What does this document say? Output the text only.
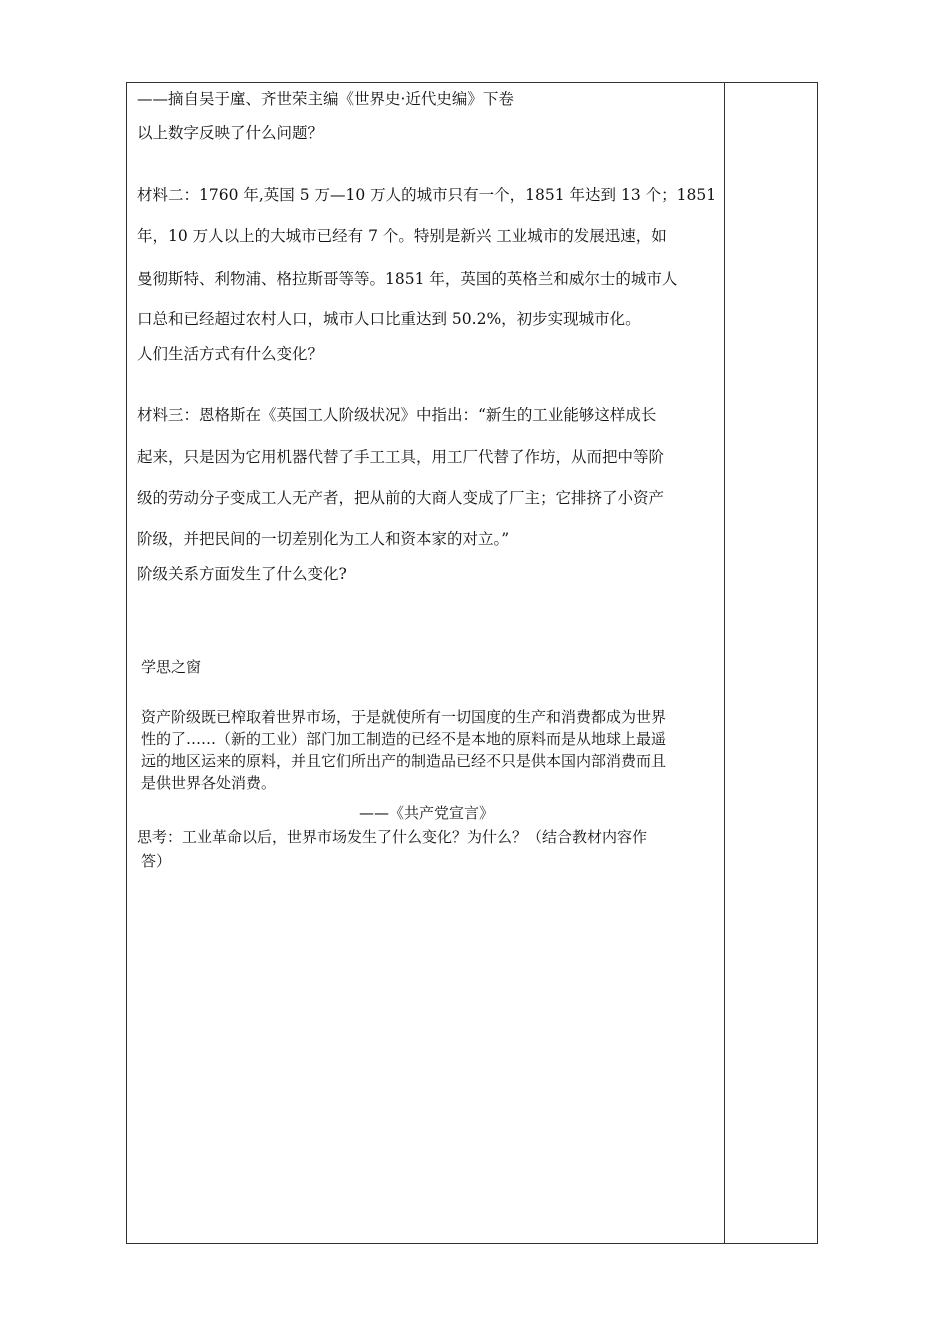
——摘自吴于廑、齐世荣主编《世界史·近代史编》下卷
以上数字反映了什么问题？
材料二：1760 年,英国 5 万—10 万人的城市只有一个，1851 年达到 13 个；1851
年，10 万人以上的大城市已经有 7 个。特别是新兴 工业城市的发展迅速，如
曼彻斯特、利物浦、格拉斯哥等等。1851 年，英国的英格兰和威尔士的城市人
口总和已经超过农村人口，城市人口比重达到 50.2%，初步实现城市化。
人们生活方式有什么变化？
材料三：恩格斯在《英国工人阶级状况》中指出：“新生的工业能够这样成长
起来，只是因为它用机器代替了手工工具，用工厂代替了作坊，从而把中等阶
级的劳动分子变成工人无产者，把从前的大商人变成了厂主；它排挤了小资产
阶级，并把民间的一切差别化为工人和资本家的对立。”
阶级关系方面发生了什么变化?
学思之窗
资产阶级既已榨取着世界市场，于是就使所有一切国度的生产和消费都成为世界
性的了……（新的工业）部门加工制造的已经不是本地的原料而是从地球上最遥
远的地区运来的原料，并且它们所出产的制造品已经不只是供本国内部消费而且
是供世界各处消费。
——《共产党宣言》
思考：工业革命以后，世界市场发生了什么变化？为什么？（结合教材内容作
答）
